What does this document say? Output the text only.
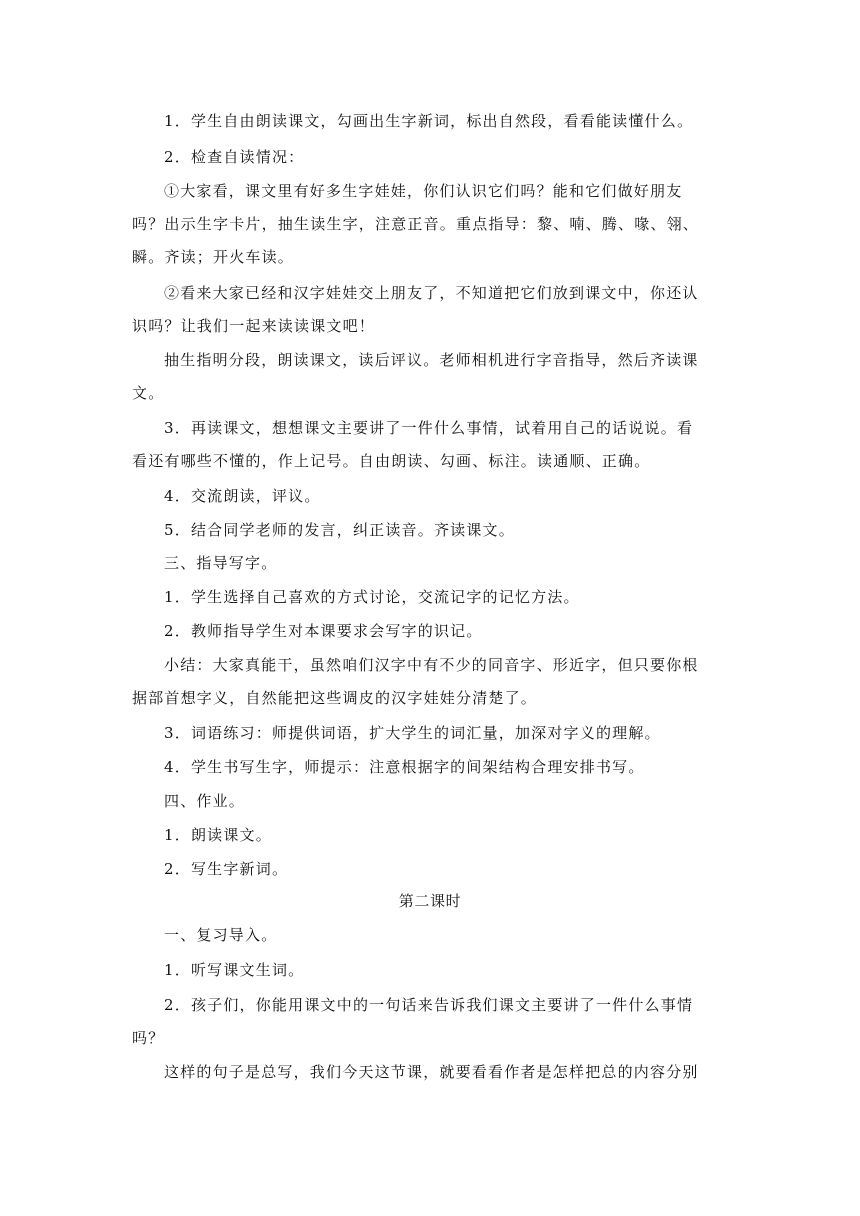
1．学生自由朗读课文，勾画出生字新词，标出自然段，看看能读懂什么。
2．检查自读情况：
①大家看，课文里有好多生字娃娃，你们认识它们吗？能和它们做好朋友
吗？出示生字卡片，抽生读生字，注意正音。重点指导：黎、喃、腾、喙、翎、
瞬。齐读；开火车读。
②看来大家已经和汉字娃娃交上朋友了，不知道把它们放到课文中，你还认
识吗？让我们一起来读读课文吧！
抽生指明分段，朗读课文，读后评议。老师相机进行字音指导，然后齐读课
文。
3．再读课文，想想课文主要讲了一件什么事情，试着用自己的话说说。看
看还有哪些不懂的，作上记号。自由朗读、勾画、标注。读通顺、正确。
4．交流朗读，评议。
5．结合同学老师的发言，纠正读音。齐读课文。
三、指导写字。
1．学生选择自己喜欢的方式讨论，交流记字的记忆方法。
2．教师指导学生对本课要求会写字的识记。
小结：大家真能干，虽然咱们汉字中有不少的同音字、形近字，但只要你根
据部首想字义，自然能把这些调皮的汉字娃娃分清楚了。
3．词语练习：师提供词语，扩大学生的词汇量，加深对字义的理解。
4．学生书写生字，师提示：注意根据字的间架结构合理安排书写。
四、作业。
1．朗读课文。
2．写生字新词。
第二课时
一、复习导入。
1．听写课文生词。
2．孩子们，你能用课文中的一句话来告诉我们课文主要讲了一件什么事情
吗？
这样的句子是总写，我们今天这节课，就要看看作者是怎样把总的内容分别
